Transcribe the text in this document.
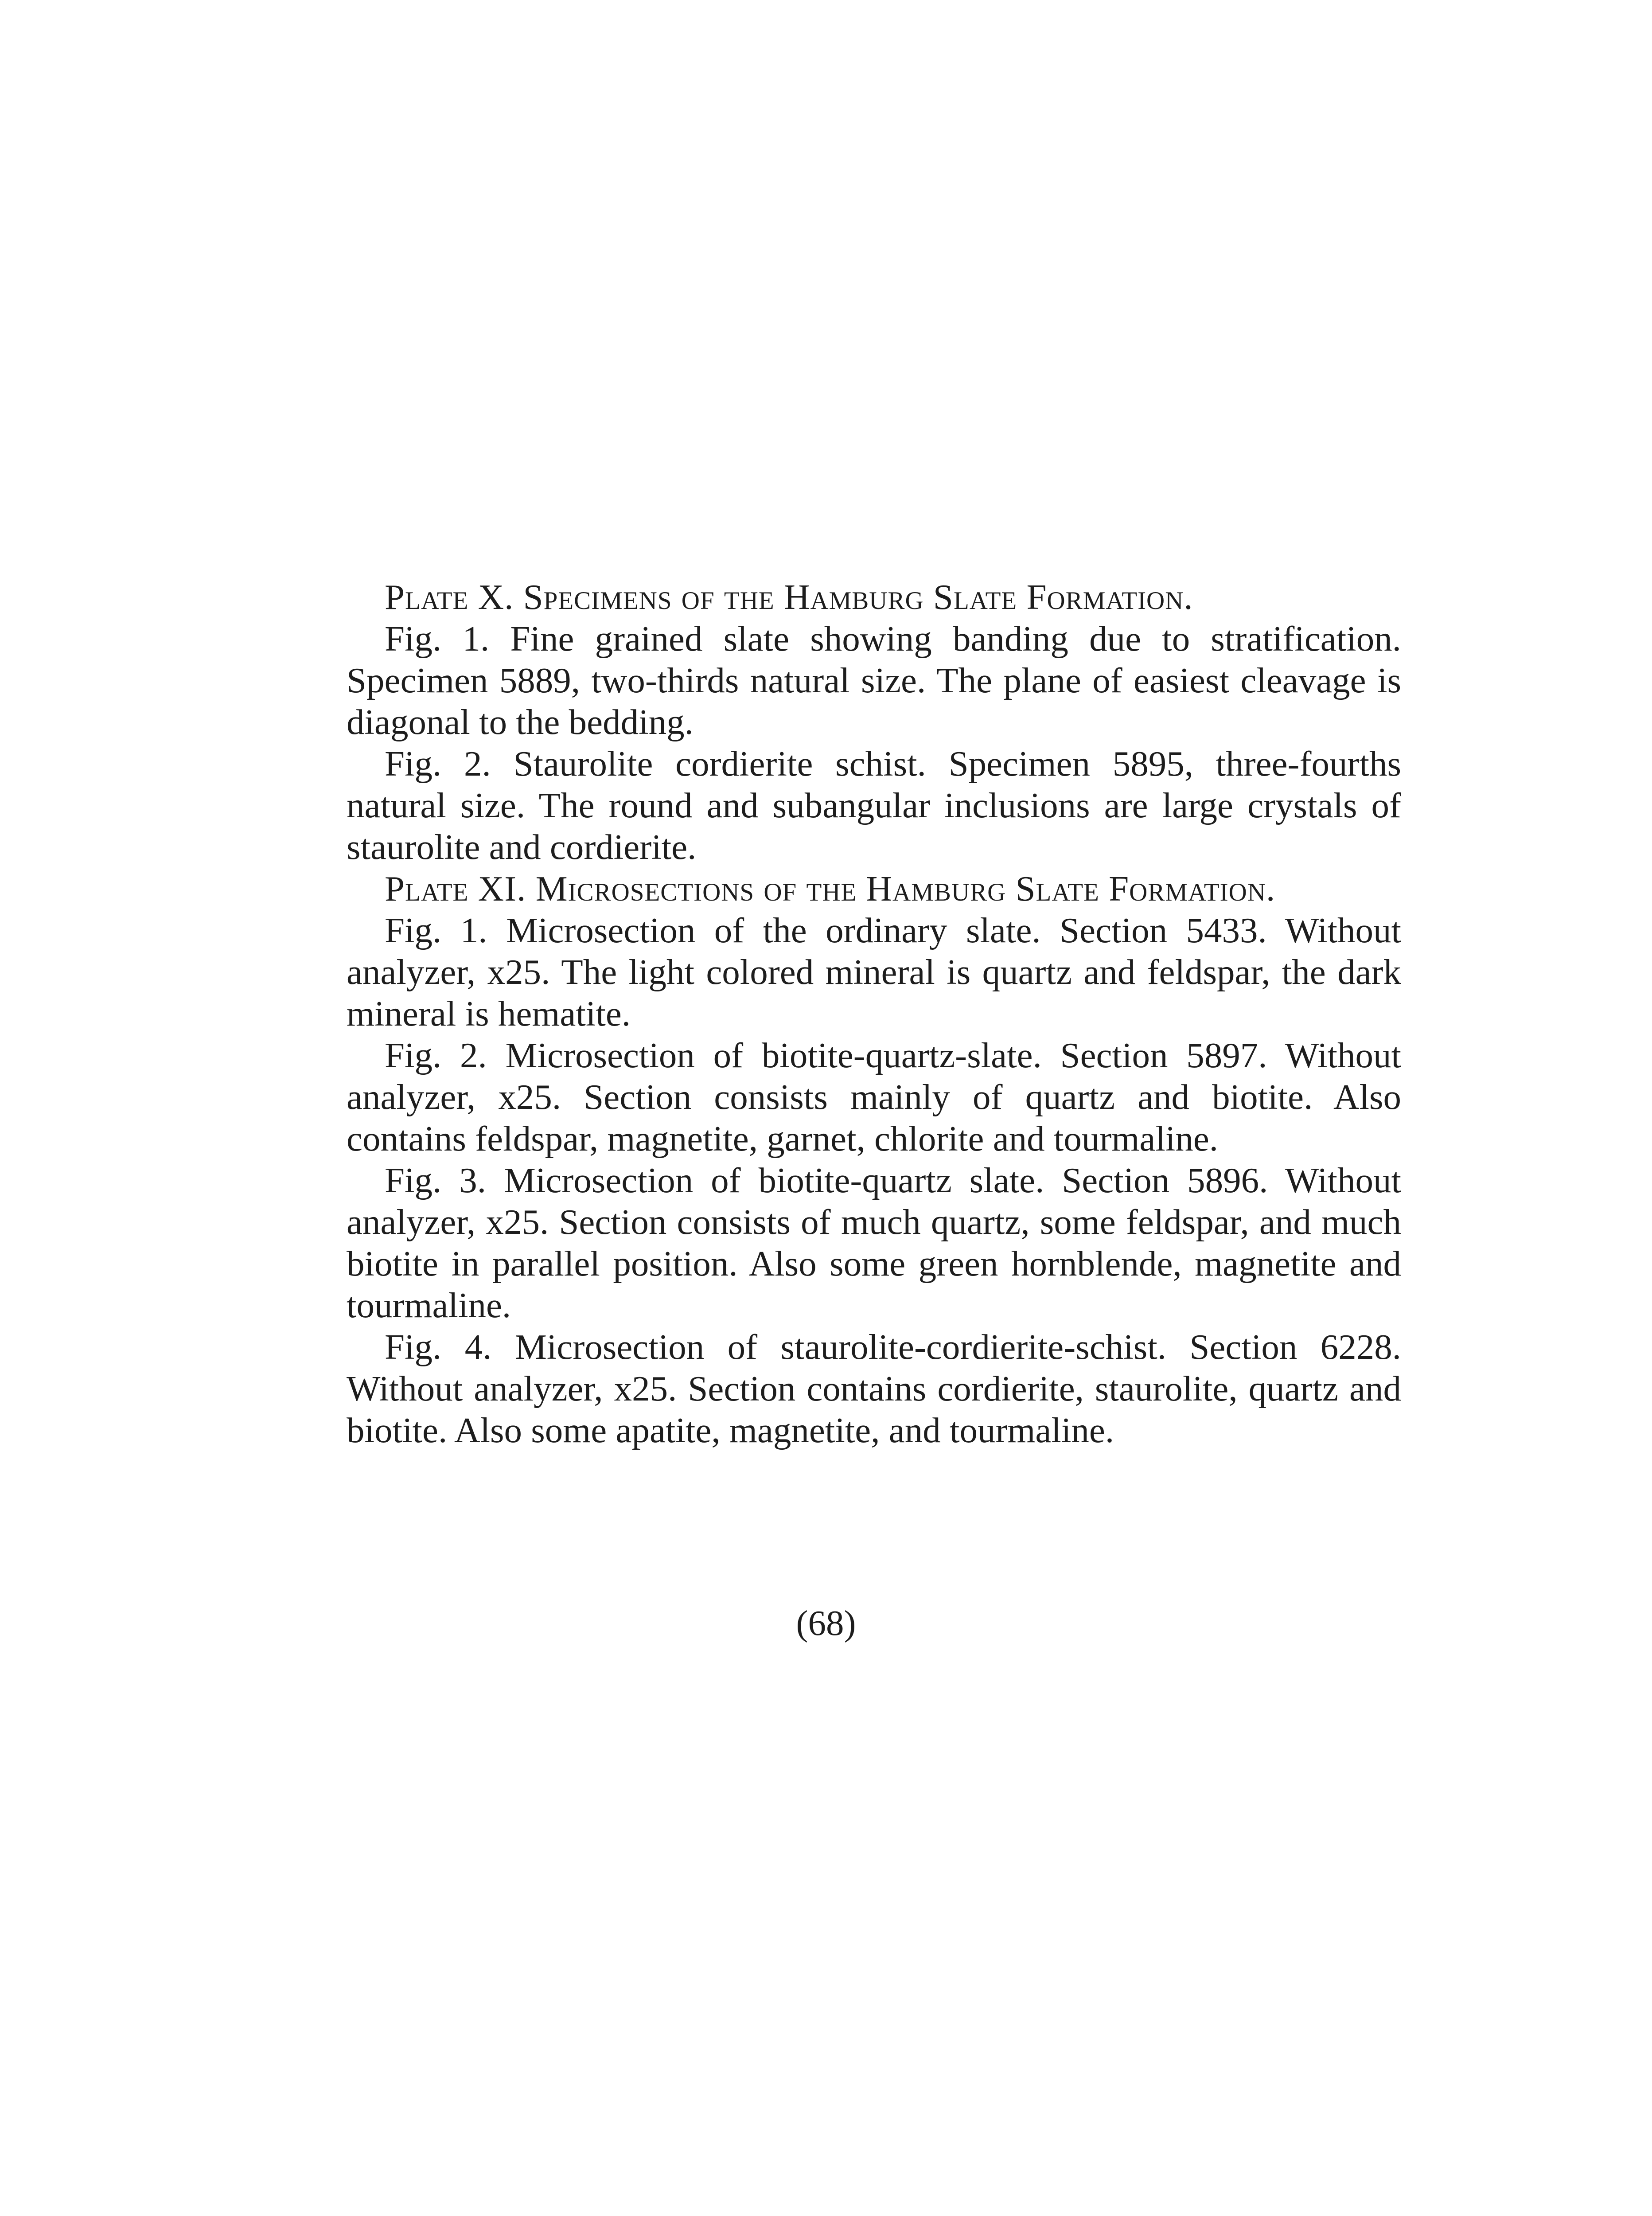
Plate X. Specimens of the Hamburg Slate Formation.

Fig. 1. Fine grained slate showing banding due to stratification. Specimen 5889, two-thirds natural size. The plane of easiest cleavage is diagonal to the bedding.

Fig. 2. Staurolite cordierite schist. Specimen 5895, three-fourths natural size. The round and subangular inclusions are large crystals of staurolite and cordierite.

Plate XI. Microsections of the Hamburg Slate Formation.

Fig. 1. Microsection of the ordinary slate. Section 5433. Without analyzer, x25. The light colored mineral is quartz and feldspar, the dark mineral is hematite.

Fig. 2. Microsection of biotite-quartz-slate. Section 5897. Without analyzer, x25. Section consists mainly of quartz and biotite. Also contains feldspar, magnetite, garnet, chlorite and tourmaline.

Fig. 3. Microsection of biotite-quartz slate. Section 5896. Without analyzer, x25. Section consists of much quartz, some feldspar, and much biotite in parallel position. Also some green hornblende, magnetite and tourmaline.

Fig. 4. Microsection of staurolite-cordierite-schist. Section 6228. Without analyzer, x25. Section contains cordierite, staurolite, quartz and biotite. Also some apatite, magnetite, and tourmaline.

(68)
